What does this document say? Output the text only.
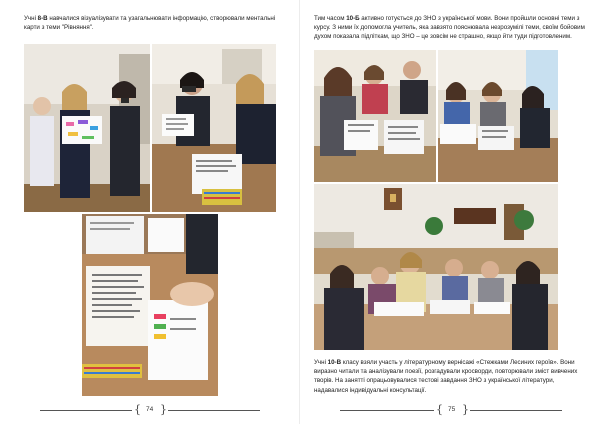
Учні 8-В навчалися візуалізувати та узагальнювати інформацію, створювали ментальні карти з теми "Рівняння".

{ 74 }

Тим часом 10-Б активно готується до ЗНО з української мови. Вони пройшли основні теми з курсу. З ними їх допомогла учитель, яка завзято пояснювала незрозумілі теми, своїм бойовим духом показала підліткам, що ЗНО – це зовсім не страшно, якщо йти туди підготовленим.

Учні 10-В класу взяли участь у літературному вернісажі «Стежками Лесиних героїв». Вони виразно читали та аналізували поезії, розгадували кросворди, повторювали зміст вивчених творів. На занятті опрацьовувалися тестові завдання ЗНО з української літератури, надавалися індивідуальні консультації.

{ 75 }
